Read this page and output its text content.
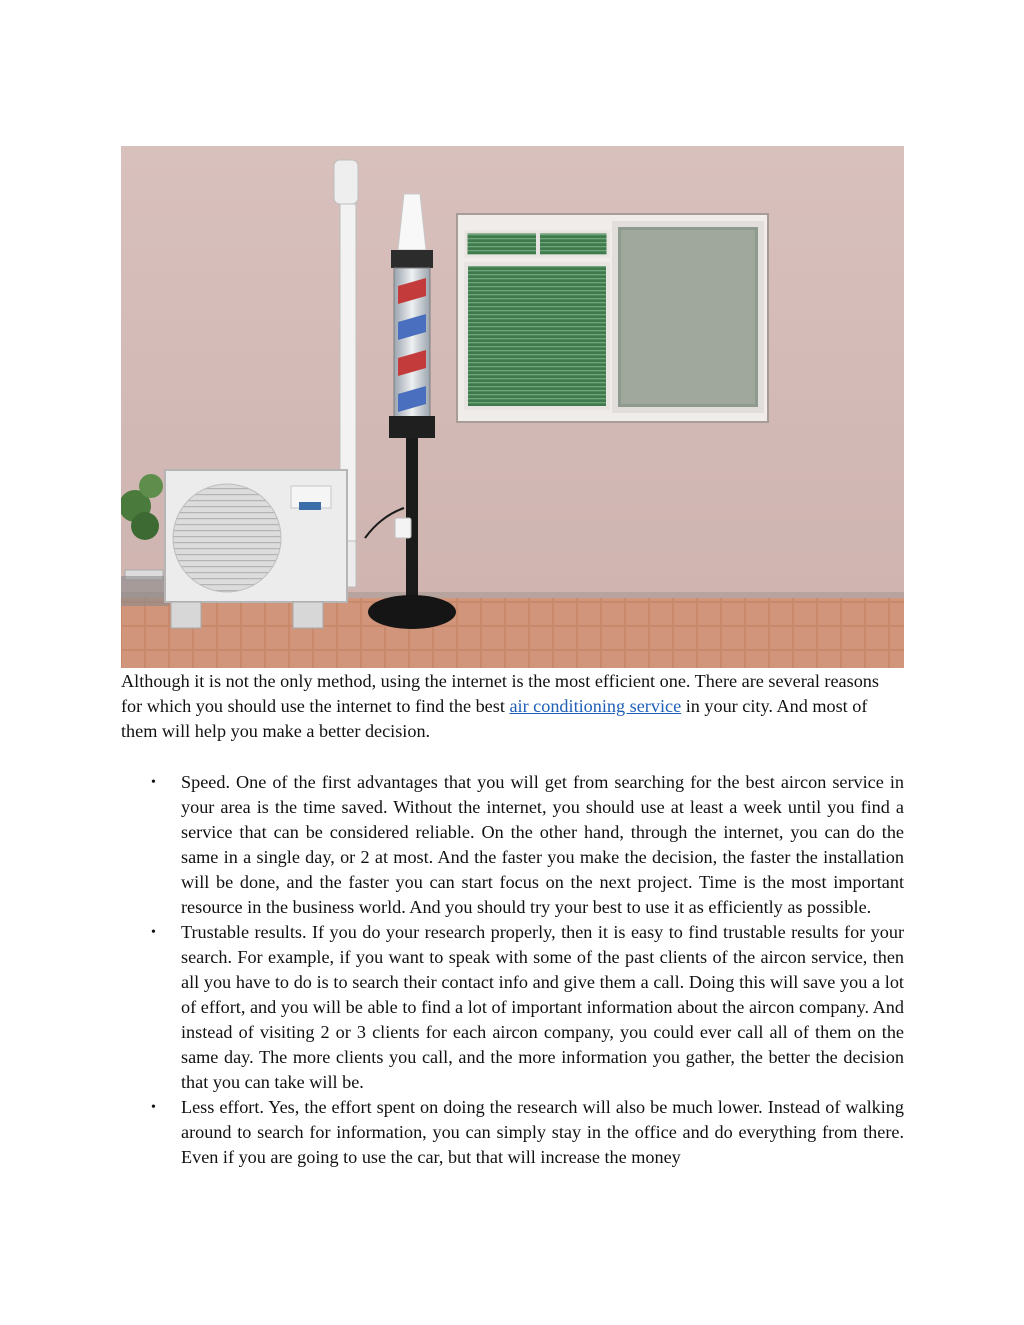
Although it is not the only method, using the internet is the most efficient one. There are several reasons for which you should use the internet to find the best air conditioning service in your city. And most of them will help you make a better decision.

•	Speed. One of the first advantages that you will get from searching for the best aircon service in your area is the time saved. Without the internet, you should use at least a week until you find a service that can be considered reliable. On the other hand, through the internet, you can do the same in a single day, or 2 at most. And the faster you make the decision, the faster the installation will be done, and the faster you can start focus on the next project. Time is the most important resource in the business world. And you should try your best to use it as efficiently as possible.
•	Trustable results. If you do your research properly, then it is easy to find trustable results for your search. For example, if you want to speak with some of the past clients of the aircon service, then all you have to do is to search their contact info and give them a call. Doing this will save you a lot of effort, and you will be able to find a lot of important information about the aircon company. And instead of visiting 2 or 3 clients for each aircon company, you could ever call all of them on the same day. The more clients you call, and the more information you gather, the better the decision that you can take will be.
•	Less effort. Yes, the effort spent on doing the research will also be much lower. Instead of walking around to search for information, you can simply stay in the office and do everything from there. Even if you are going to use the car, but that will increase the money
